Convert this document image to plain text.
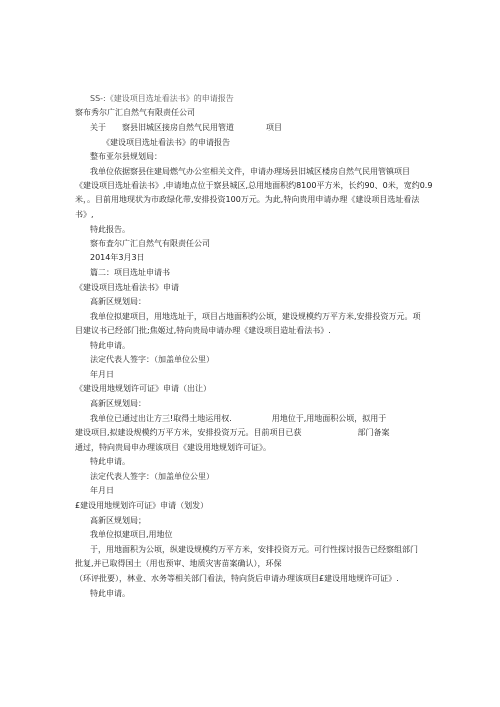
SS-:《建设项目选址看法书》的申请报告
察布秀尔广汇自然气有限责任公司
关于　　察县旧城区接房自然气民用管道　　　　项目
《建设项目选址看法书》的申请报告
整布亚尔县规划局：
我单位依据察县住建局燃气办公室相关文件，申请办理场县旧城区楼房自然气民用管镇项目
《建设项目选址看法书》,申请地点位于察县城区,总用地面积约8100平方米，长约90、0米，宽约0.9
米，。目前用地现状为市政绿化带,安排投资100万元。为此,特向贵用申请办理《建设项目选址看法
书》,
特此报告。
察布査尔广汇自然气有限责任公司
2014年3月3日
篇二：项目选址申请书
《建设项目选址看法书》申请
高新区规划局：
我单位拟建项目，用地选址于，项目占地面积约公顷，建设规模约万平方米,安排投资万元。项
目建议书已经部门批;焦姬过,特向贵局申请办理《建设项目造址看法书》.
特此申请。
法定代表人签字：（加盖单位公里）
年月日
《建设用地规划许可证》申请（出让）
高新区规划局：
我单位已通过出让方三!取得土地运用权.　　　　　用地位于,用地面积公顷，拟用于
建设项目,拟建设规模约万平方米，安排投资万元。目前项目已获　　　　　　　部门备案
通过，特向贵局申办理该项目《建设用地规划许可证》。
特此申请。
法定代表人签字：（加盖单位公里）
年月日
£建设用地规划许可证》申请（划发）
高新区规划局；
我单位拟建项目,用地位
于，用地面积为公顷，纵建设规模约万平方米，安排投资万元。可行性探讨报告已经察组部门
批复,并已取得国土（用也预审、地质灾害苗案确认），环保
（环评批要），林业、水务等相关部门看法，特向货后申请办理该项目£建设用地规许可证》.
特此申请。
